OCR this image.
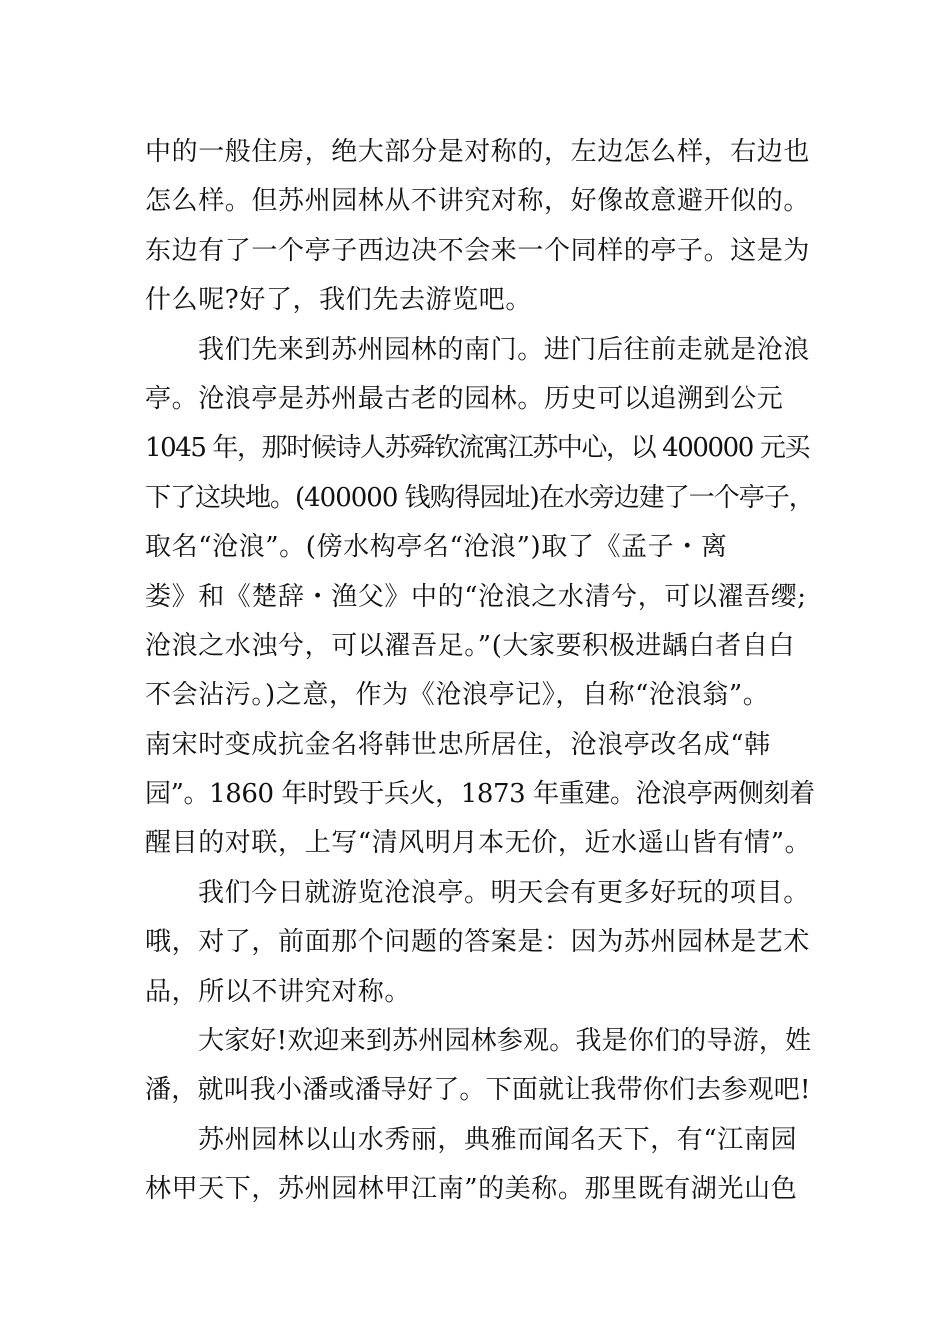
中的一般住房，绝大部分是对称的，左边怎么样，右边也
怎么样。但苏州园林从不讲究对称，好像故意避开似的。
东边有了一个亭子西边决不会来一个同样的亭子。这是为
什么呢?好了，我们先去游览吧。
我们先来到苏州园林的南门。进门后往前走就是沧浪
亭。沧浪亭是苏州最古老的园林。历史可以追溯到公元
1045 年，那时候诗人苏舜钦流寓江苏中心，以 400000 元买
下了这块地。(400000 钱购得园址)在水旁边建了一个亭子，
取名“沧浪”。(傍水构亭名“沧浪”)取了《孟子・离
娄》和《楚辞・渔父》中的“沧浪之水清兮，可以濯吾缨;
沧浪之水浊兮，可以濯吾足。”(大家要积极进龋白者自白
不会沾污。)之意，作为《沧浪亭记》，自称“沧浪翁”。
南宋时变成抗金名将韩世忠所居住，沧浪亭改名成“韩
园”。1860 年时毁于兵火，1873 年重建。沧浪亭两侧刻着
醒目的对联，上写“清风明月本无价，近水遥山皆有情”。
我们今日就游览沧浪亭。明天会有更多好玩的项目。
哦，对了，前面那个问题的答案是：因为苏州园林是艺术
品，所以不讲究对称。
大家好!欢迎来到苏州园林参观。我是你们的导游，姓
潘，就叫我小潘或潘导好了。下面就让我带你们去参观吧!
苏州园林以山水秀丽，典雅而闻名天下，有“江南园
林甲天下，苏州园林甲江南”的美称。那里既有湖光山色
